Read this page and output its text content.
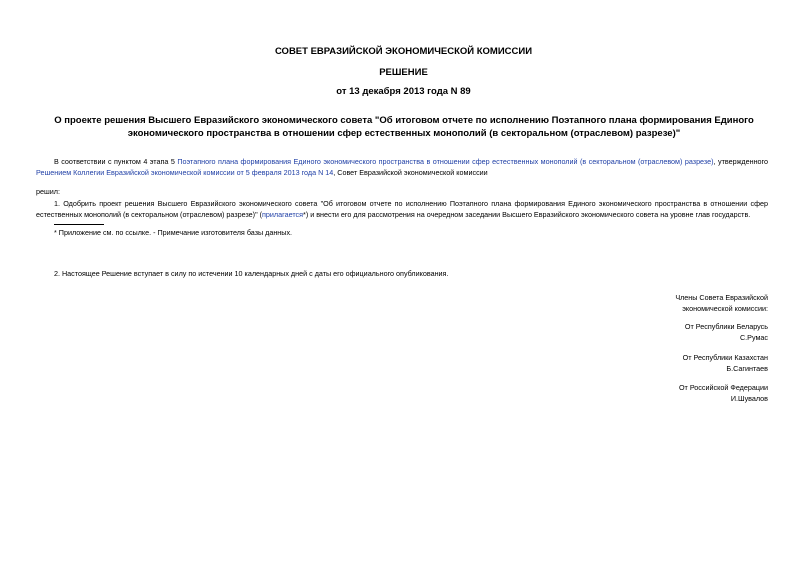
СОВЕТ ЕВРАЗИЙСКОЙ ЭКОНОМИЧЕСКОЙ КОМИССИИ
РЕШЕНИЕ
от 13 декабря 2013 года N 89
О проекте решения Высшего Евразийского экономического совета "Об итоговом отчете по исполнению Поэтапного плана формирования Единого экономического пространства в отношении сфер естественных монополий (в секторальном (отраслевом) разрезе)"
В соответствии с пунктом 4 этапа 5 Поэтапного плана формирования Единого экономического пространства в отношении сфер естественных монополий (в секторальном (отраслевом) разрезе), утвержденного Решением Коллегии Евразийской экономической комиссии от 5 февраля 2013 года N 14, Совет Евразийской экономической комиссии
решил:
1. Одобрить проект решения Высшего Евразийского экономического совета "Об итоговом отчете по исполнению Поэтапного плана формирования Единого экономического пространства в отношении сфер естественных монополий (в секторальном (отраслевом) разрезе)" (прилагается*) и внести его для рассмотрения на очередном заседании Высшего Евразийского экономического совета на уровне глав государств.
* Приложение см. по ссылке. - Примечание изготовителя базы данных.
2. Настоящее Решение вступает в силу по истечении 10 календарных дней с даты его официального опубликования.
Члены Совета Евразийской
экономической комиссии:
От Республики Беларусь
С.Румас
От Республики Казахстан
Б.Сагинтаев
От Российской Федерации
И.Шувалов
